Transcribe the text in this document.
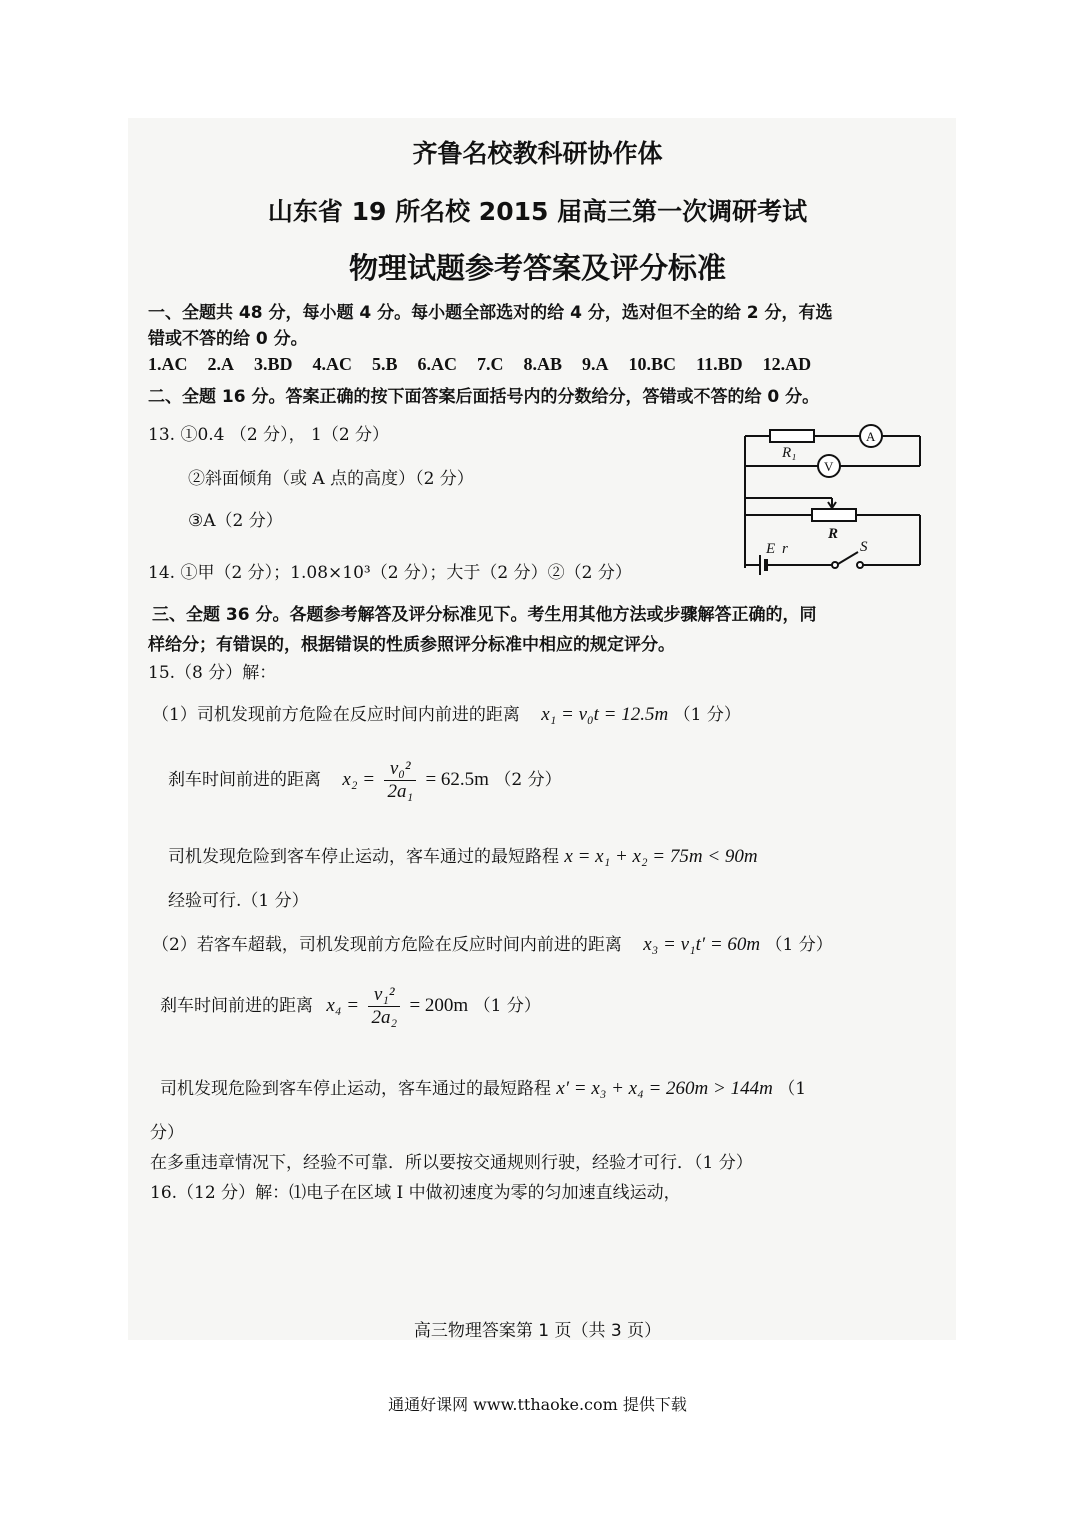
齐鲁名校教科研协作体
山东省 19 所名校 2015 届高三第一次调研考试
物理试题参考答案及评分标准
一、全题共 48 分，每小题 4 分。每小题全部选对的给 4 分，选对但不全的给 2 分，有选
错或不答的给 0 分。
1.AC 2.A 3.BD 4.AC 5.B 6.AC 7.C 8.AB 9.A 10.BC 11.BD 12.AD
二、全题 16 分。答案正确的按下面答案后面括号内的分数给分，答错或不答的给 0 分。
13. ①0.4 （2 分）， 1（2 分）
②斜面倾角（或 A 点的高度）（2 分）
③A（2 分）
14. ①甲（2 分）；1.08×10³（2 分）；大于（2 分）②（2 分）
R₁
A
V
R
E r	S
三、全题 36 分。各题参考解答及评分标准见下。考生用其他方法或步骤解答正确的，同
样给分；有错误的，根据错误的性质参照评分标准中相应的规定评分。
15.（8 分）解：
（1）司机发现前方危险在反应时间内前进的距离 x₁ = v₀t = 12.5m （1 分）
刹车时间前进的距离 $x_2 = \frac{\text{v₀²}}{\text{2a₁}} = 62.5m$ （2 分）
司机发现危险到客车停止运动，客车通过的最短路程 x = x₁ + x₂ = 75m < 90m
经验可行.（1 分）
（2）若客车超载，司机发现前方危险在反应时间内前进的距离 x₃ = v₁t′ = 60m （1 分）
刹车时间前进的距离 $x_4 = \frac{\text{v₁²}}{\text{2a₂}} = 200m$ （1 分）
司机发现危险到客车停止运动，客车通过的最短路程 x′ = x₃ + x₄ = 260m > 144m （1
分）
在多重违章情况下，经验不可靠．所以要按交通规则行驶，经验才可行．（1 分）
16.（12 分）解：⑴电子在区域 I 中做初速度为零的匀加速直线运动，
高三物理答案第 1 页（共 3 页）
通通好课网 www.tthaoke.com 提供下载
